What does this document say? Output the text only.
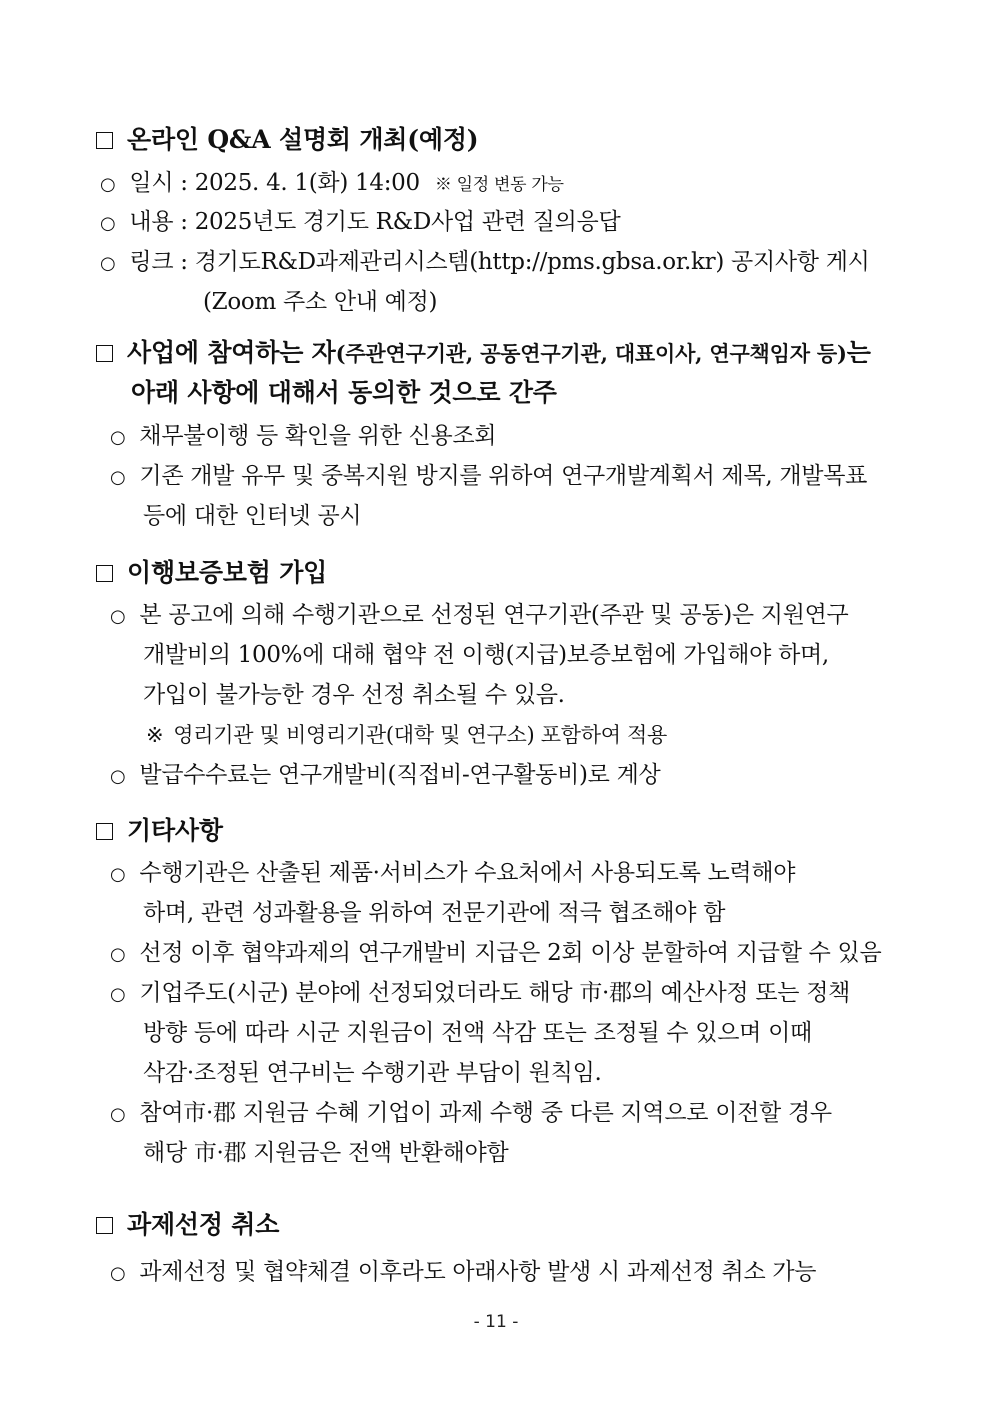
온라인 Q&A 설명회 개최(예정)
○ 일시 : 2025. 4. 1(화) 14:00 ※ 일정 변동 가능
○ 내용 : 2025년도 경기도 R&D사업 관련 질의응답
○ 링크 : 경기도R&D과제관리시스템(http://pms.gbsa.or.kr) 공지사항 게시
(Zoom 주소 안내 예정)
사업에 참여하는 자(주관연구기관, 공동연구기관, 대표이사, 연구책임자 등)는
아래 사항에 대해서 동의한 것으로 간주
○ 채무불이행 등 확인을 위한 신용조회
○ 기존 개발 유무 및 중복지원 방지를 위하여 연구개발계획서 제목, 개발목표
등에 대한 인터넷 공시
이행보증보험 가입
○ 본 공고에 의해 수행기관으로 선정된 연구기관(주관 및 공동)은 지원연구
개발비의 100%에 대해 협약 전 이행(지급)보증보험에 가입해야 하며,
가입이 불가능한 경우 선정 취소될 수 있음.
※ 영리기관 및 비영리기관(대학 및 연구소) 포함하여 적용
○ 발급수수료는 연구개발비(직접비-연구활동비)로 계상
기타사항
○ 수행기관은 산출된 제품·서비스가 수요처에서 사용되도록 노력해야
하며, 관련 성과활용을 위하여 전문기관에 적극 협조해야 함
○ 선정 이후 협약과제의 연구개발비 지급은 2회 이상 분할하여 지급할 수 있음
○ 기업주도(시군) 분야에 선정되었더라도 해당 市·郡의 예산사정 또는 정책
방향 등에 따라 시군 지원금이 전액 삭감 또는 조정될 수 있으며 이때
삭감·조정된 연구비는 수행기관 부담이 원칙임.
○ 참여市·郡 지원금 수혜 기업이 과제 수행 중 다른 지역으로 이전할 경우
해당 市·郡 지원금은 전액 반환해야함
과제선정 취소
○ 과제선정 및 협약체결 이후라도 아래사항 발생 시 과제선정 취소 가능
- 11 -
